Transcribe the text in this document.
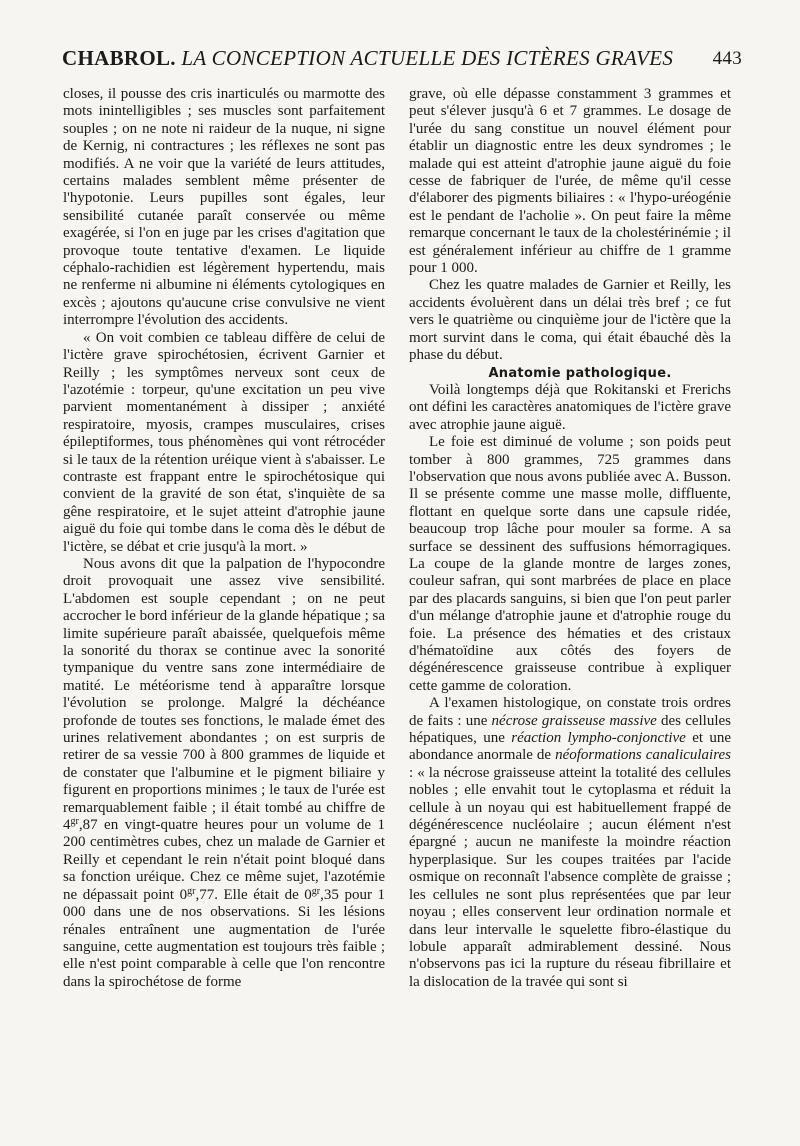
CHABROL. LA CONCEPTION ACTUELLE DES ICTÈRES GRAVES 443

closes, il pousse des cris inarticulés ou marmotte des mots inintelligibles ; ses muscles sont parfaitement souples ; on ne note ni raideur de la nuque, ni signe de Kernig, ni contractures ; les réflexes ne sont pas modifiés. A ne voir que la variété de leurs attitudes, certains malades semblent même présenter de l'hypotonie. Leurs pupilles sont égales, leur sensibilité cutanée paraît conservée ou même exagérée, si l'on en juge par les crises d'agitation que provoque toute tentative d'examen. Le liquide céphalo-rachidien est légèrement hypertendu, mais ne renferme ni albumine ni éléments cytologiques en excès ; ajoutons qu'aucune crise convulsive ne vient interrompre l'évolution des accidents.

« On voit combien ce tableau diffère de celui de l'ictère grave spirochétosien, écrivent Garnier et Reilly ; les symptômes nerveux sont ceux de l'azotémie : torpeur, qu'une excitation un peu vive parvient momentanément à dissiper ; anxiété respiratoire, myosis, crampes musculaires, crises épileptiformes, tous phénomènes qui vont rétrocéder si le taux de la rétention uréique vient à s'abaisser. Le contraste est frappant entre le spirochétosique qui convient de la gravité de son état, s'inquiète de sa gêne respiratoire, et le sujet atteint d'atrophie jaune aiguë du foie qui tombe dans le coma dès le début de l'ictère, se débat et crie jusqu'à la mort. »

Nous avons dit que la palpation de l'hypocondre droit provoquait une assez vive sensibilité. L'abdomen est souple cependant ; on ne peut accrocher le bord inférieur de la glande hépatique ; sa limite supérieure paraît abaissée, quelquefois même la sonorité du thorax se continue avec la sonorité tympanique du ventre sans zone intermédiaire de matité. Le météorisme tend à apparaître lorsque l'évolution se prolonge. Malgré la déchéance profonde de toutes ses fonctions, le malade émet des urines relativement abondantes ; on est surpris de retirer de sa vessie 700 à 800 grammes de liquide et de constater que l'albumine et le pigment biliaire y figurent en proportions minimes ; le taux de l'urée est remarquablement faible ; il était tombé au chiffre de $4^{gr},87$ en vingt-quatre heures pour un volume de 1 200 centimètres cubes, chez un malade de Garnier et Reilly et cependant le rein n'était point bloqué dans sa fonction uréique. Chez ce même sujet, l'azotémie ne dépassait point $0^{gr},77$. Elle était de $0^{gr},35$ pour 1 000 dans une de nos observations. Si les lésions rénales entraînent une augmentation de l'urée sanguine, cette augmentation est toujours très faible ; elle n'est point comparable à celle que l'on rencontre dans la spirochétose de forme

grave, où elle dépasse constamment 3 grammes et peut s'élever jusqu'à 6 et 7 grammes. Le dosage de l'urée du sang constitue un nouvel élément pour établir un diagnostic entre les deux syndromes ; le malade qui est atteint d'atrophie jaune aiguë du foie cesse de fabriquer de l'urée, de même qu'il cesse d'élaborer des pigments biliaires : « l'hypo-uréogénie est le pendant de l'acholie ». On peut faire la même remarque concernant le taux de la cholestérinémie ; il est généralement inférieur au chiffre de 1 gramme pour 1 000.

Chez les quatre malades de Garnier et Reilly, les accidents évoluèrent dans un délai très bref ; ce fut vers le quatrième ou cinquième jour de l'ictère que la mort survint dans le coma, qui était ébauché dès la phase du début.

Anatomie pathologique.

Voilà longtemps déjà que Rokitanski et Frerichs ont défini les caractères anatomiques de l'ictère grave avec atrophie jaune aiguë.

Le foie est diminué de volume ; son poids peut tomber à 800 grammes, 725 grammes dans l'observation que nous avons publiée avec A. Busson. Il se présente comme une masse molle, diffluente, flottant en quelque sorte dans une capsule ridée, beaucoup trop lâche pour mouler sa forme. A sa surface se dessinent des suffusions hémorragiques. La coupe de la glande montre de larges zones, couleur safran, qui sont marbrées de place en place par des placards sanguins, si bien que l'on peut parler d'un mélange d'atrophie jaune et d'atrophie rouge du foie. La présence des hématies et des cristaux d'hématoïdine aux côtés des foyers de dégénérescence graisseuse contribue à expliquer cette gamme de coloration.

A l'examen histologique, on constate trois ordres de faits : une nécrose graisseuse massive des cellules hépatiques, une réaction lympho-conjonctive et une abondance anormale de néoformations canaliculaires : « la nécrose graisseuse atteint la totalité des cellules nobles ; elle envahit tout le cytoplasma et réduit la cellule à un noyau qui est habituellement frappé de dégénérescence nucléolaire ; aucun élément n'est épargné ; aucun ne manifeste la moindre réaction hyperplasique. Sur les coupes traitées par l'acide osmique on reconnaît l'absence complète de graisse ; les cellules ne sont plus représentées que par leur noyau ; elles conservent leur ordination normale et dans leur intervalle le squelette fibro-élastique du lobule apparaît admirablement dessiné. Nous n'observons pas ici la rupture du réseau fibrillaire et la dislocation de la travée qui sont si
